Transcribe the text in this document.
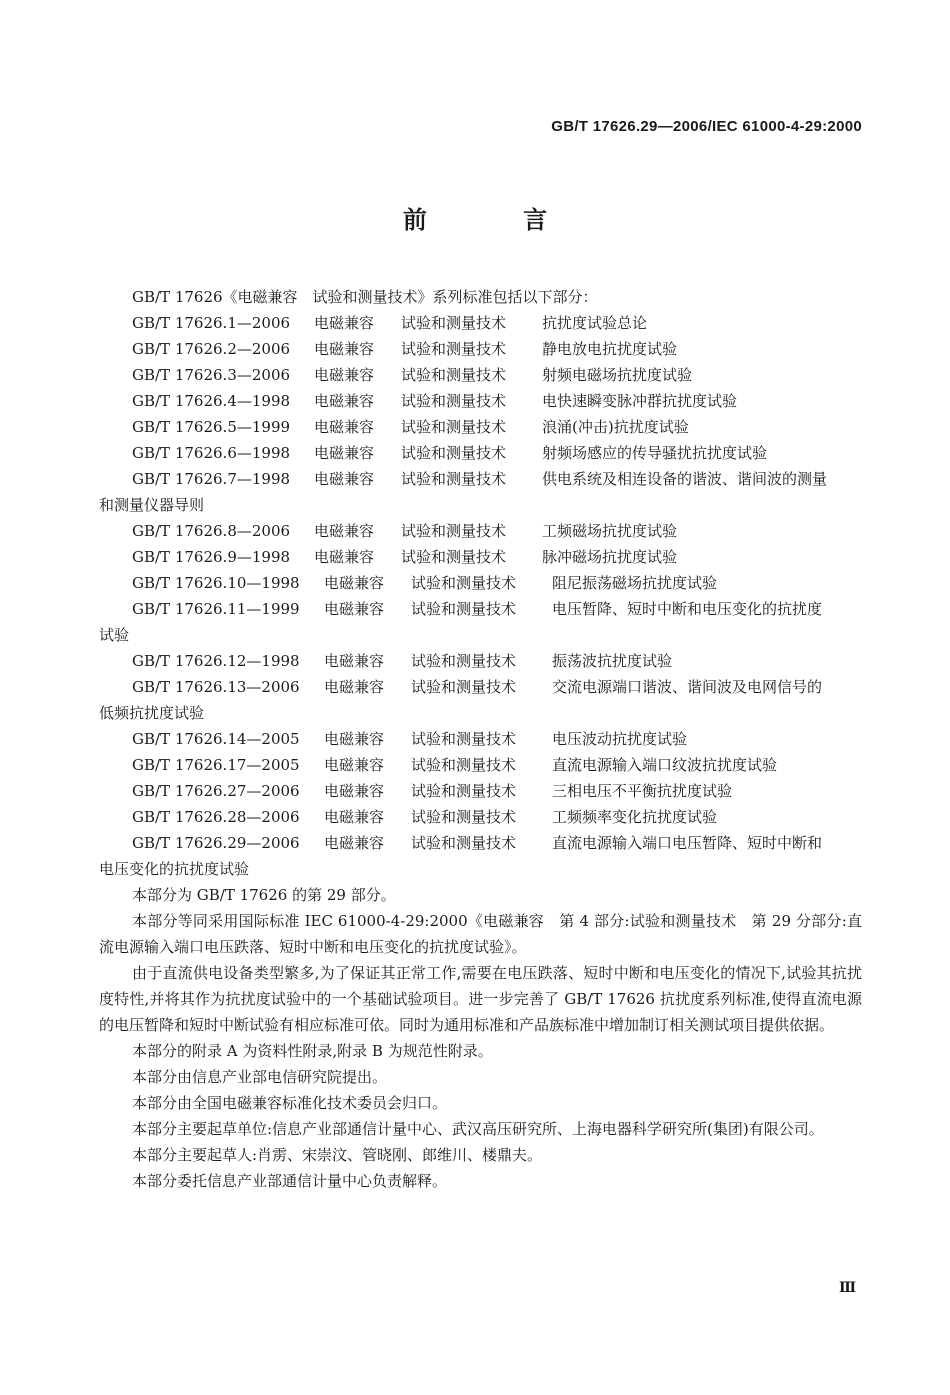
GB/T 17626.29—2006/IEC 61000-4-29:2000
前 言
GB/T 17626《电磁兼容　试验和测量技术》系列标准包括以下部分：
GB/T 17626.1—2006	电磁兼容	试验和测量技术	抗扰度试验总论
GB/T 17626.2—2006	电磁兼容	试验和测量技术	静电放电抗扰度试验
GB/T 17626.3—2006	电磁兼容	试验和测量技术	射频电磁场抗扰度试验
GB/T 17626.4—1998	电磁兼容	试验和测量技术	电快速瞬变脉冲群抗扰度试验
GB/T 17626.5—1999	电磁兼容	试验和测量技术	浪涌(冲击)抗扰度试验
GB/T 17626.6—1998	电磁兼容	试验和测量技术	射频场感应的传导骚扰抗扰度试验
GB/T 17626.7—1998	电磁兼容	试验和测量技术	供电系统及相连设备的谐波、谐间波的测量
和测量仪器导则
GB/T 17626.8—2006	电磁兼容	试验和测量技术	工频磁场抗扰度试验
GB/T 17626.9—1998	电磁兼容	试验和测量技术	脉冲磁场抗扰度试验
GB/T 17626.10—1998	电磁兼容	试验和测量技术	阻尼振荡磁场抗扰度试验
GB/T 17626.11—1999	电磁兼容	试验和测量技术	电压暂降、短时中断和电压变化的抗扰度
试验
GB/T 17626.12—1998	电磁兼容	试验和测量技术	振荡波抗扰度试验
GB/T 17626.13—2006	电磁兼容	试验和测量技术	交流电源端口谐波、谐间波及电网信号的
低频抗扰度试验
GB/T 17626.14—2005	电磁兼容	试验和测量技术	电压波动抗扰度试验
GB/T 17626.17—2005	电磁兼容	试验和测量技术	直流电源输入端口纹波抗扰度试验
GB/T 17626.27—2006	电磁兼容	试验和测量技术	三相电压不平衡抗扰度试验
GB/T 17626.28—2006	电磁兼容	试验和测量技术	工频频率变化抗扰度试验
GB/T 17626.29—2006	电磁兼容	试验和测量技术	直流电源输入端口电压暂降、短时中断和
电压变化的抗扰度试验
本部分为 GB/T 17626 的第 29 部分。
本部分等同采用国际标准 IEC 61000-4-29:2000《电磁兼容　第 4 部分:试验和测量技术　第 29 分部分:直流电源输入端口电压跌落、短时中断和电压变化的抗扰度试验》。
由于直流供电设备类型繁多,为了保证其正常工作,需要在电压跌落、短时中断和电压变化的情况下,试验其抗扰度特性,并将其作为抗扰度试验中的一个基础试验项目。进一步完善了 GB/T 17626 抗扰度系列标准,使得直流电源的电压暂降和短时中断试验有相应标准可依。同时为通用标准和产品族标准中增加制订相关测试项目提供依据。
本部分的附录 A 为资料性附录,附录 B 为规范性附录。
本部分由信息产业部电信研究院提出。
本部分由全国电磁兼容标准化技术委员会归口。
本部分主要起草单位:信息产业部通信计量中心、武汉高压研究所、上海电器科学研究所(集团)有限公司。
本部分主要起草人:肖雳、宋崇汶、管晓刚、郎维川、楼鼎夫。
本部分委托信息产业部通信计量中心负责解释。
Ⅲ
